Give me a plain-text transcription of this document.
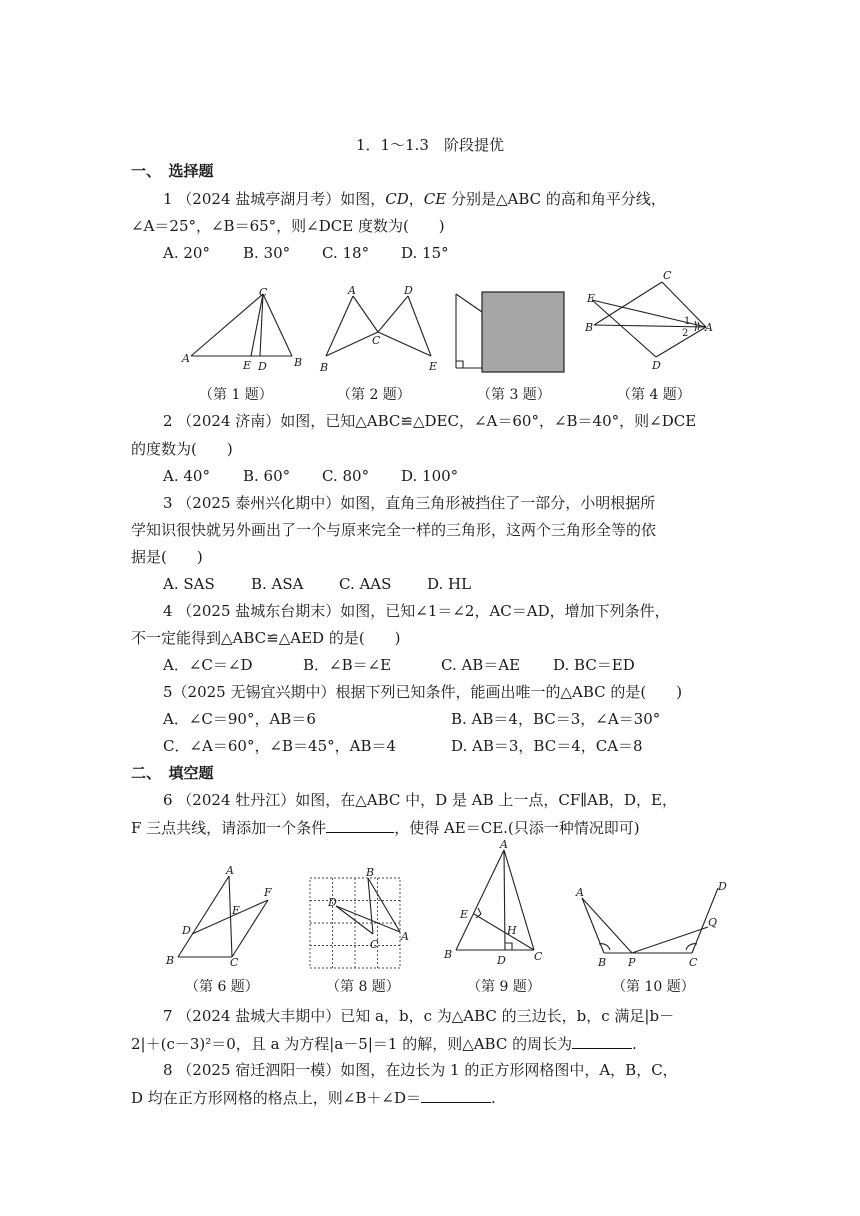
1．1～1.3　阶段提优
一、　选择题
1 （2024 盐城亭湖月考）如图，CD，CE 分别是△ABC 的高和角平分线，
∠A＝25°，∠B＝65°，则∠DCE 度数为(　　)
A. 20° B. 30° C. 18° D. 15°
C
A
E D B
（第 1 题）
A	D
C
B	E
（第 2 题）	（第 3 题）
C
E
B	1
2 A
D
（第 4 题）
2 （2024 济南）如图，已知△ABC≌△DEC，∠A＝60°，∠B＝40°，则∠DCE
的度数为(　　)
A. 40° B. 60° C. 80° D. 100°
3 （2025 泰州兴化期中）如图，直角三角形被挡住了一部分，小明根据所
学知识很快就另外画出了一个与原来完全一样的三角形，这两个三角形全等的依
据是(　　)
A. SAS B. ASA C. AAS D. HL
4 （2025 盐城东台期末）如图，已知∠1＝∠2，AC＝AD，增加下列条件，
不一定能得到△ABC≌△AED 的是(　　)
A．∠C＝∠D	B．∠B＝∠E	C. AB＝AE D. BC＝ED
5（2025 无锡宜兴期中）根据下列已知条件，能画出唯一的△ABC 的是(　　)
A．∠C＝90°，AB＝6	B. AB＝4，BC＝3，∠A＝30°
C．∠A＝60°，∠B＝45°，AB＝4	D. AB＝3，BC＝4，CA＝8
二、　填空题
6 （2024 牡丹江）如图，在△ABC 中，D 是 AB 上一点，CF∥AB，D，E，
F 三点共线，请添加一个条件	，使得 AE＝CE.(只添一种情况即可)
A
F
E
D
B	C
（第 6 题）
B
D
C
A
（第 8 题）
A
E
H
B	D	C
（第 9 题）
A	D
Q
B P	C
（第 10 题）
7 （2024 盐城大丰期中）已知 a，b，c 为△ABC 的三边长，b，c 满足|b－
2|＋(c－3)²＝0，且 a 为方程|a－5|＝1 的解，则△ABC 的周长为	.
8 （2025 宿迁泗阳一模）如图，在边长为 1 的正方形网格图中，A，B，C，
D 均在正方形网格的格点上，则∠B＋∠D＝	.
